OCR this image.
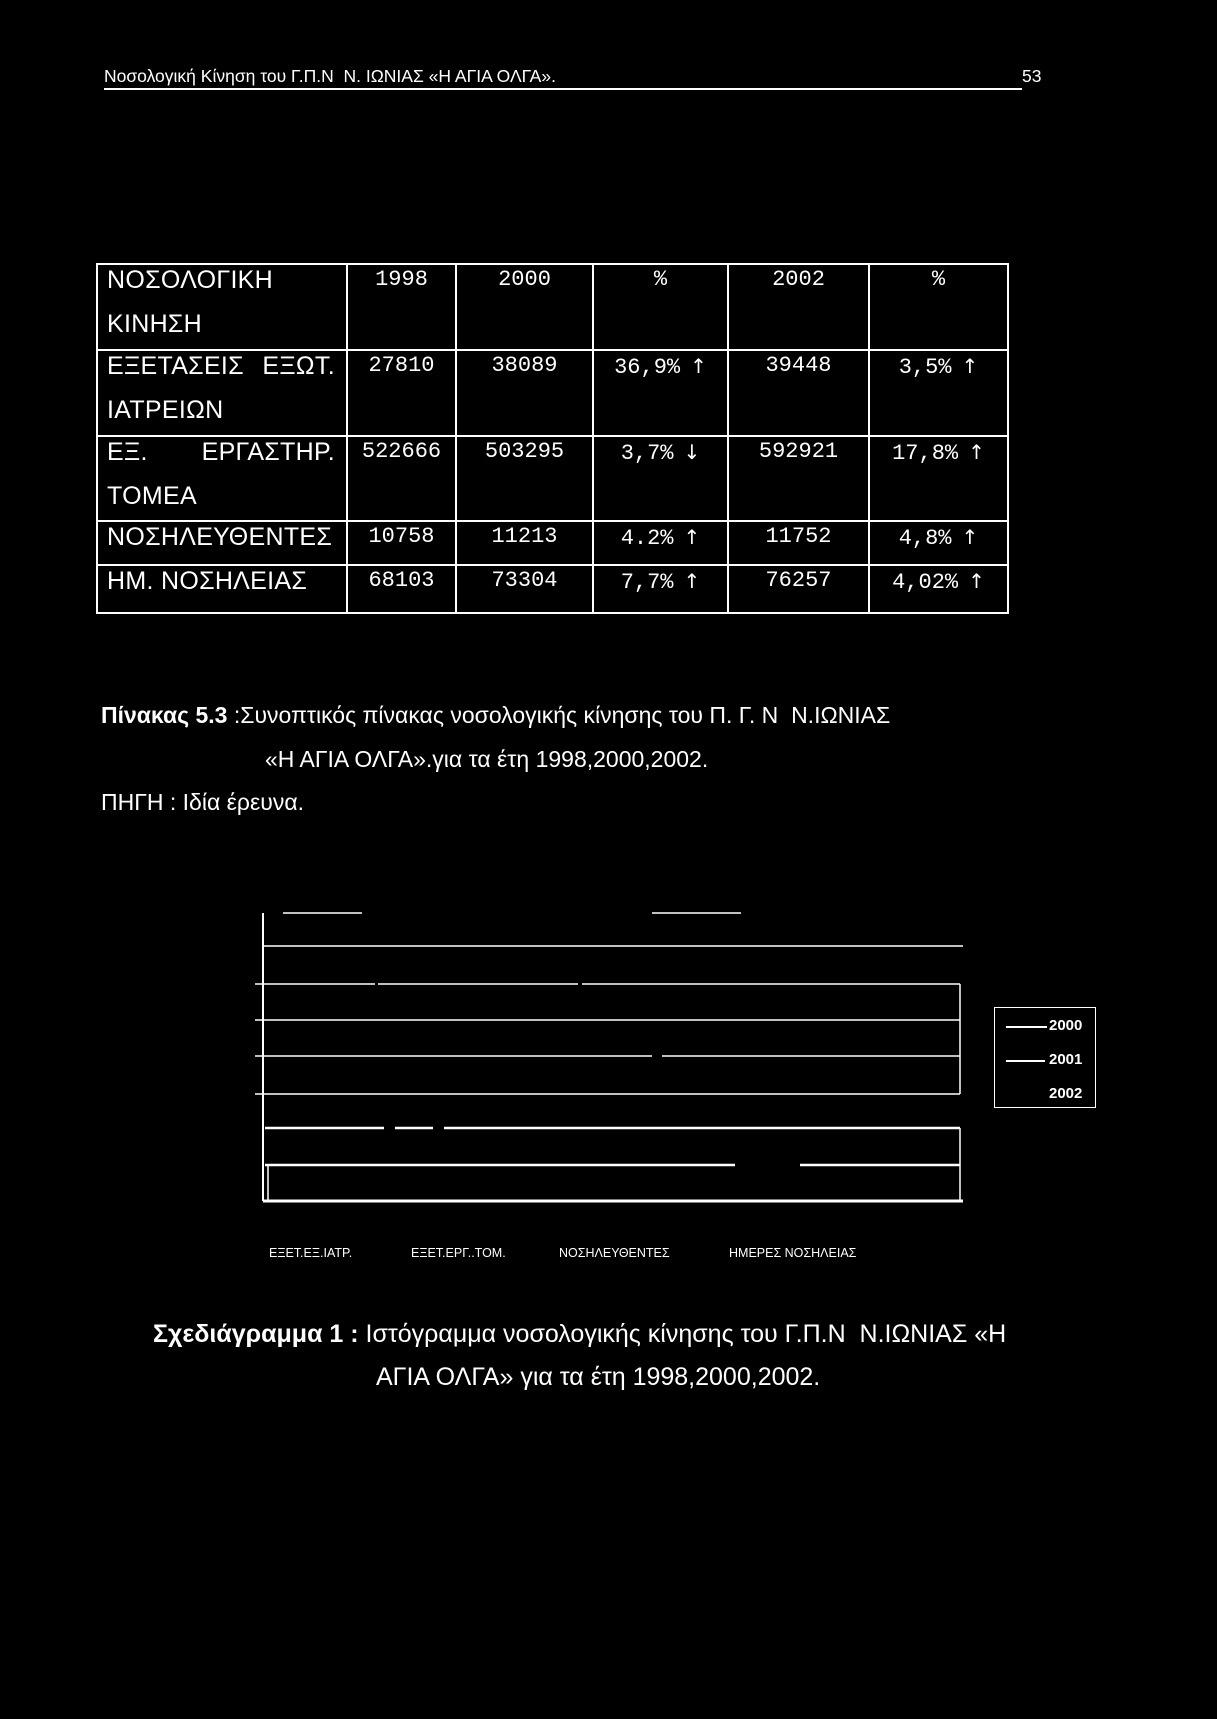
Νοσολογική Κίνηση του Γ.Π.Ν  Ν. ΙΩΝΙΑΣ «Η ΑΓΙΑ ΟΛΓΑ».	53
ΝΟΣΟΛΟΓΙΚΗ
ΚΙΝΗΣΗ	1998	2000	%	2002	%

ΕΞΕΤΑΣΕΙΣ ΕΞΩΤ.
ΙΑΤΡΕΙΩΝ	27810	38089	36,9% ↑	39448	3,5% ↑

ΕΞ. ΕΡΓΑΣΤΗΡ.
ΤΟΜΕΑ	522666	503295	3,7% ↓	592921	17,8% ↑

ΝΟΣΗΛΕΥΘΕΝΤΕΣ	10758	11213	4.2% ↑	11752	4,8% ↑

ΗΜ. ΝΟΣΗΛΕΙΑΣ	68103	73304	7,7% ↑	76257	4,02% ↑
Πίνακας 5.3 :Συνοπτικός πίνακας νοσολογικής κίνησης του Π. Γ. Ν  Ν.ΙΩΝΙΑΣ
«Η ΑΓΙΑ ΟΛΓΑ».για τα έτη 1998,2000,2002.
ΠΗΓΗ : Ιδία έρευνα.
2000
2001
2002
ΕΞΕΤ.ΕΞ.ΙΑΤΡ.	ΕΞΕΤ.ΕΡΓ..ΤΟΜ.	ΝΟΣΗΛΕΥΘΕΝΤΕΣ	ΗΜΕΡΕΣ ΝΟΣΗΛΕΙΑΣ
Σχεδιάγραμμα 1 : Ιστόγραμμα νοσολογικής κίνησης του Γ.Π.Ν  Ν.ΙΩΝΙΑΣ «Η
ΑΓΙΑ ΟΛΓΑ» για τα έτη 1998,2000,2002.
